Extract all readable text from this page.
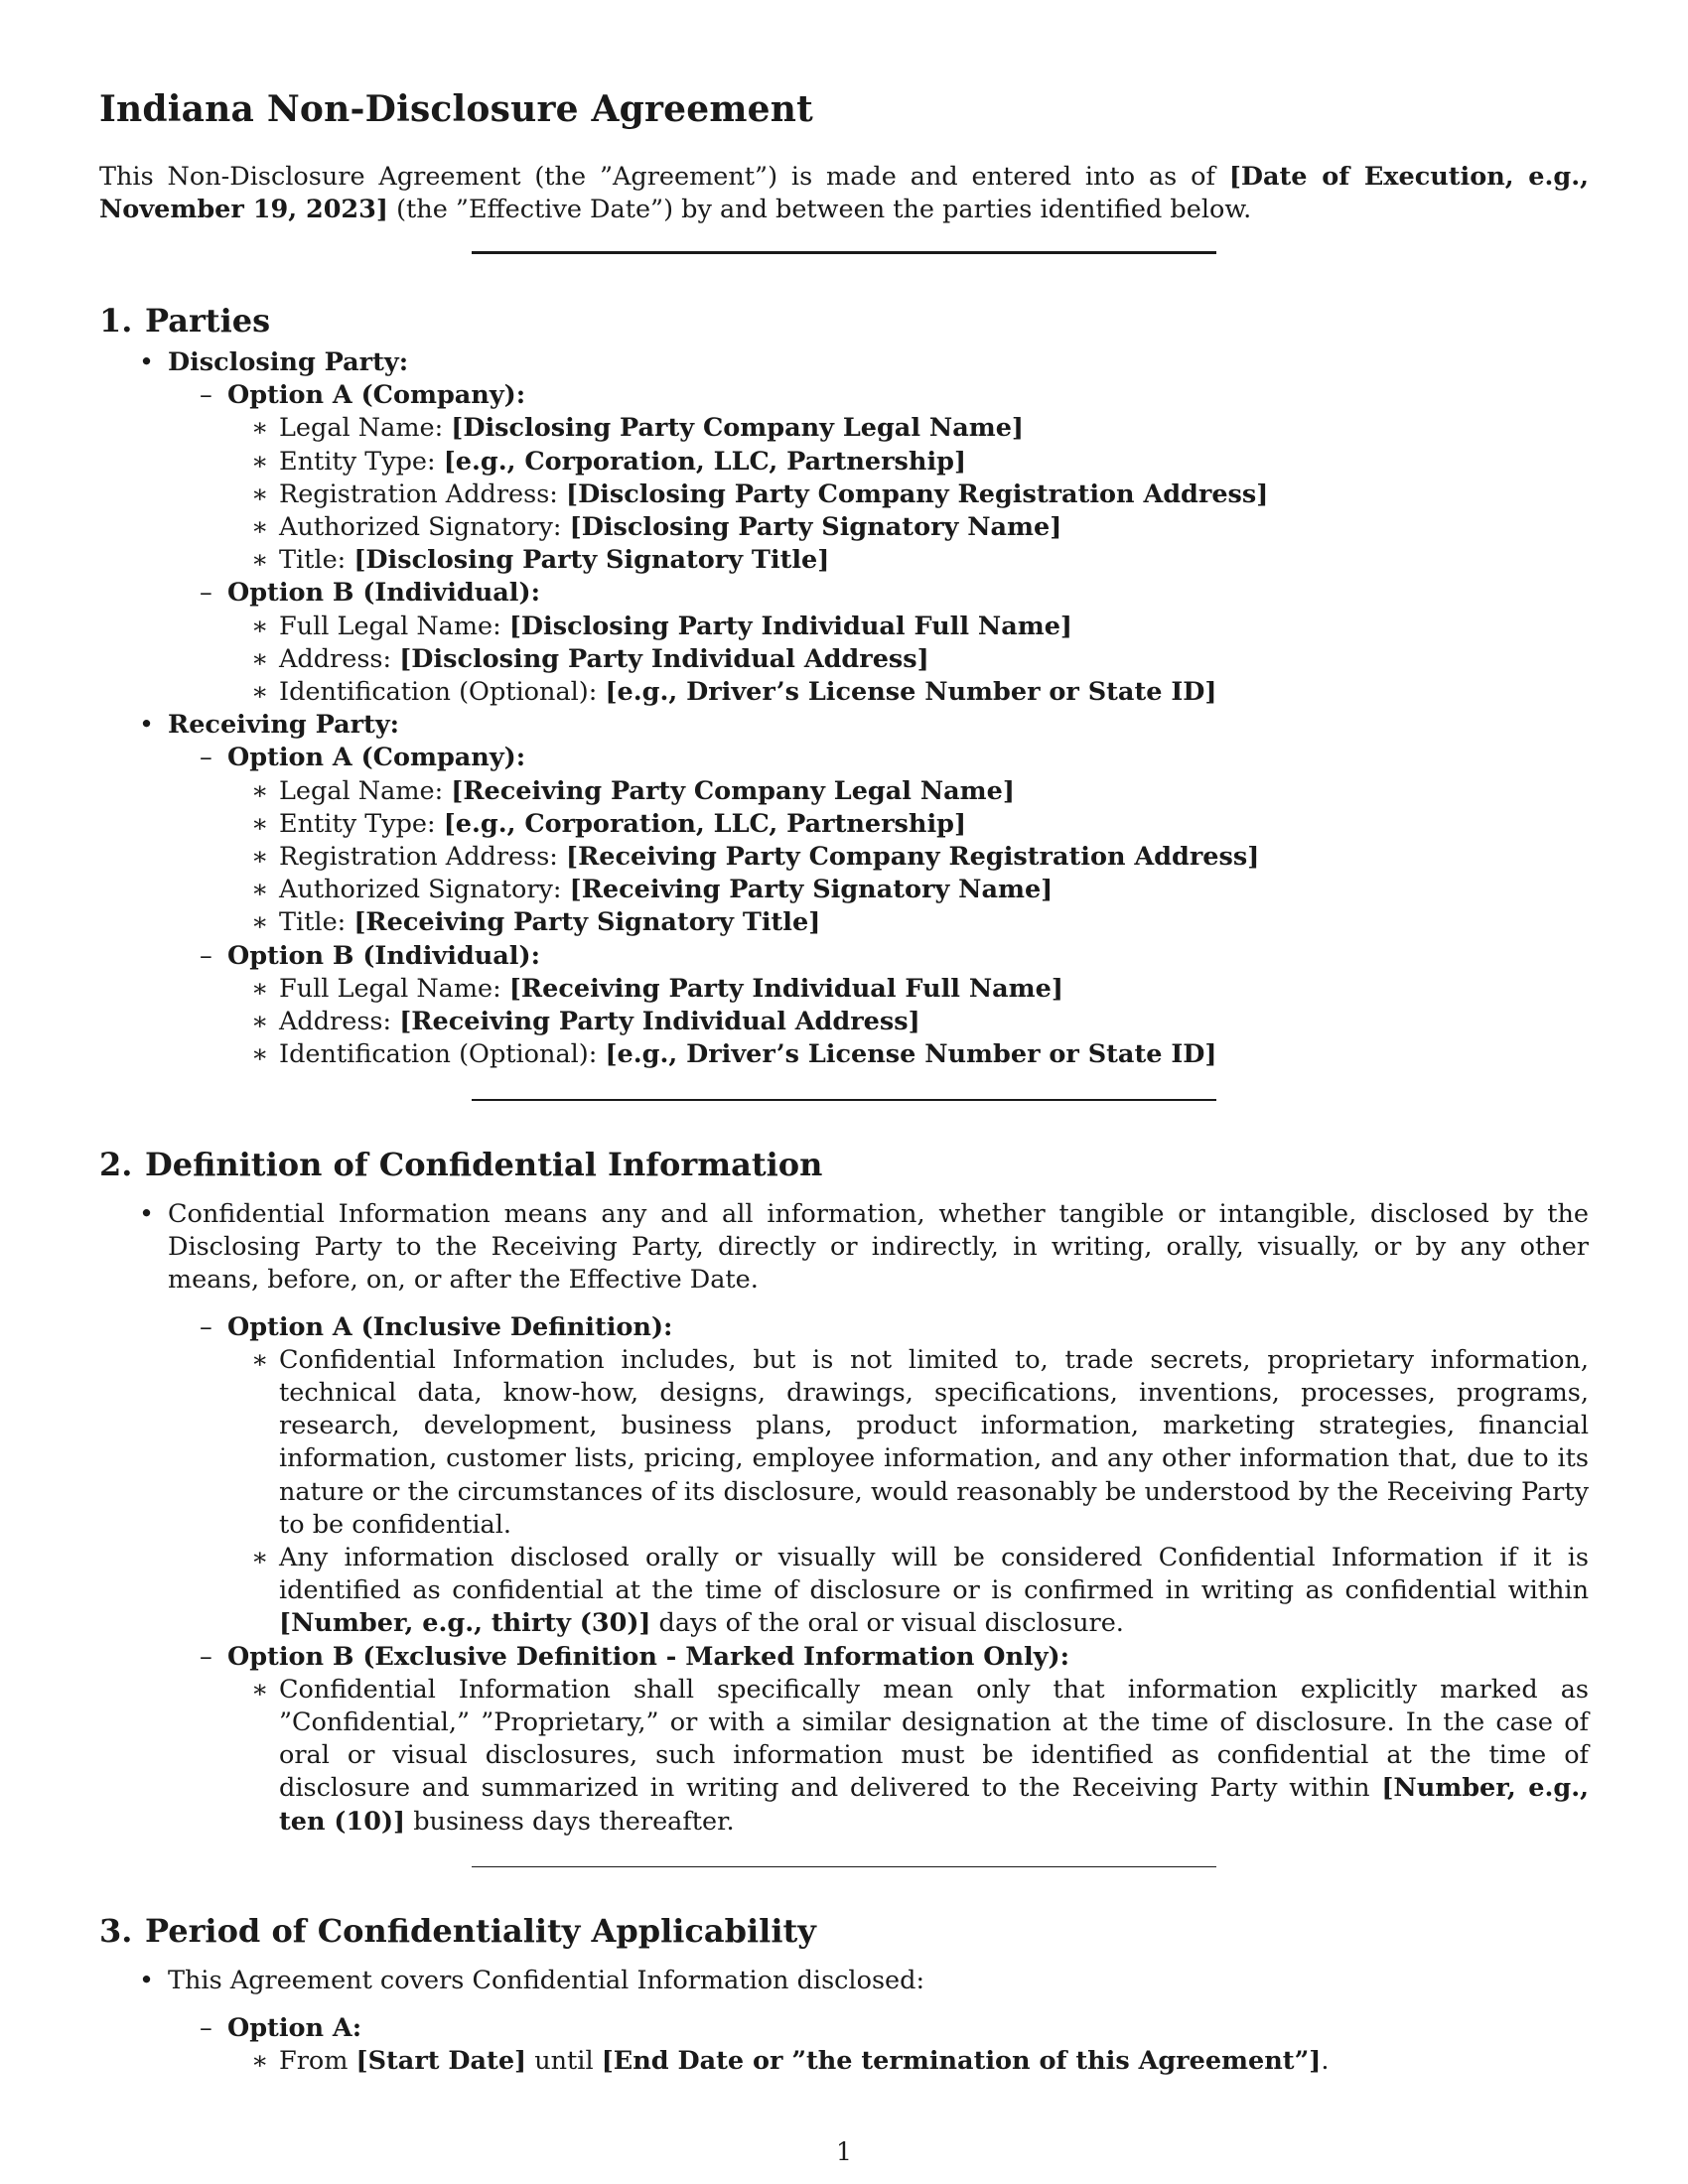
Indiana Non-Disclosure Agreement

This Non-Disclosure Agreement (the ”Agreement”) is made and entered into as of [Date of Execution, e.g., November 19, 2023] (the ”Effective Date”) by and between the parties identified below.

1. Parties
• Disclosing Party:
– Option A (Company):
∗ Legal Name: [Disclosing Party Company Legal Name]
∗ Entity Type: [e.g., Corporation, LLC, Partnership]
∗ Registration Address: [Disclosing Party Company Registration Address]
∗ Authorized Signatory: [Disclosing Party Signatory Name]
∗ Title: [Disclosing Party Signatory Title]
– Option B (Individual):
∗ Full Legal Name: [Disclosing Party Individual Full Name]
∗ Address: [Disclosing Party Individual Address]
∗ Identification (Optional): [e.g., Driver’s License Number or State ID]
• Receiving Party:
– Option A (Company):
∗ Legal Name: [Receiving Party Company Legal Name]
∗ Entity Type: [e.g., Corporation, LLC, Partnership]
∗ Registration Address: [Receiving Party Company Registration Address]
∗ Authorized Signatory: [Receiving Party Signatory Name]
∗ Title: [Receiving Party Signatory Title]
– Option B (Individual):
∗ Full Legal Name: [Receiving Party Individual Full Name]
∗ Address: [Receiving Party Individual Address]
∗ Identification (Optional): [e.g., Driver’s License Number or State ID]
2. Definition of Confidential Information
• Confidential Information means any and all information, whether tangible or intangible, disclosed by the Disclosing Party to the Receiving Party, directly or indirectly, in writing, orally, visually, or by any other means, before, on, or after the Effective Date.
– Option A (Inclusive Definition):
∗ Confidential Information includes, but is not limited to, trade secrets, proprietary information, technical data, know-how, designs, drawings, specifications, inventions, processes, programs, research, development, business plans, product information, marketing strategies, financial information, customer lists, pricing, employee information, and any other information that, due to its nature or the circumstances of its disclosure, would reasonably be understood by the Receiving Party to be confidential.
∗ Any information disclosed orally or visually will be considered Confidential Information if it is identified as confidential at the time of disclosure or is confirmed in writing as confidential within [Number, e.g., thirty (30)] days of the oral or visual disclosure.
– Option B (Exclusive Definition - Marked Information Only):
∗ Confidential Information shall specifically mean only that information explicitly marked as ”Confidential,” ”Proprietary,” or with a similar designation at the time of disclosure. In the case of oral or visual disclosures, such information must be identified as confidential at the time of disclosure and summarized in writing and delivered to the Receiving Party within [Number, e.g., ten (10)] business days thereafter.
3. Period of Confidentiality Applicability
• This Agreement covers Confidential Information disclosed:
– Option A:
∗ From [Start Date] until [End Date or ”the termination of this Agreement”].
1
